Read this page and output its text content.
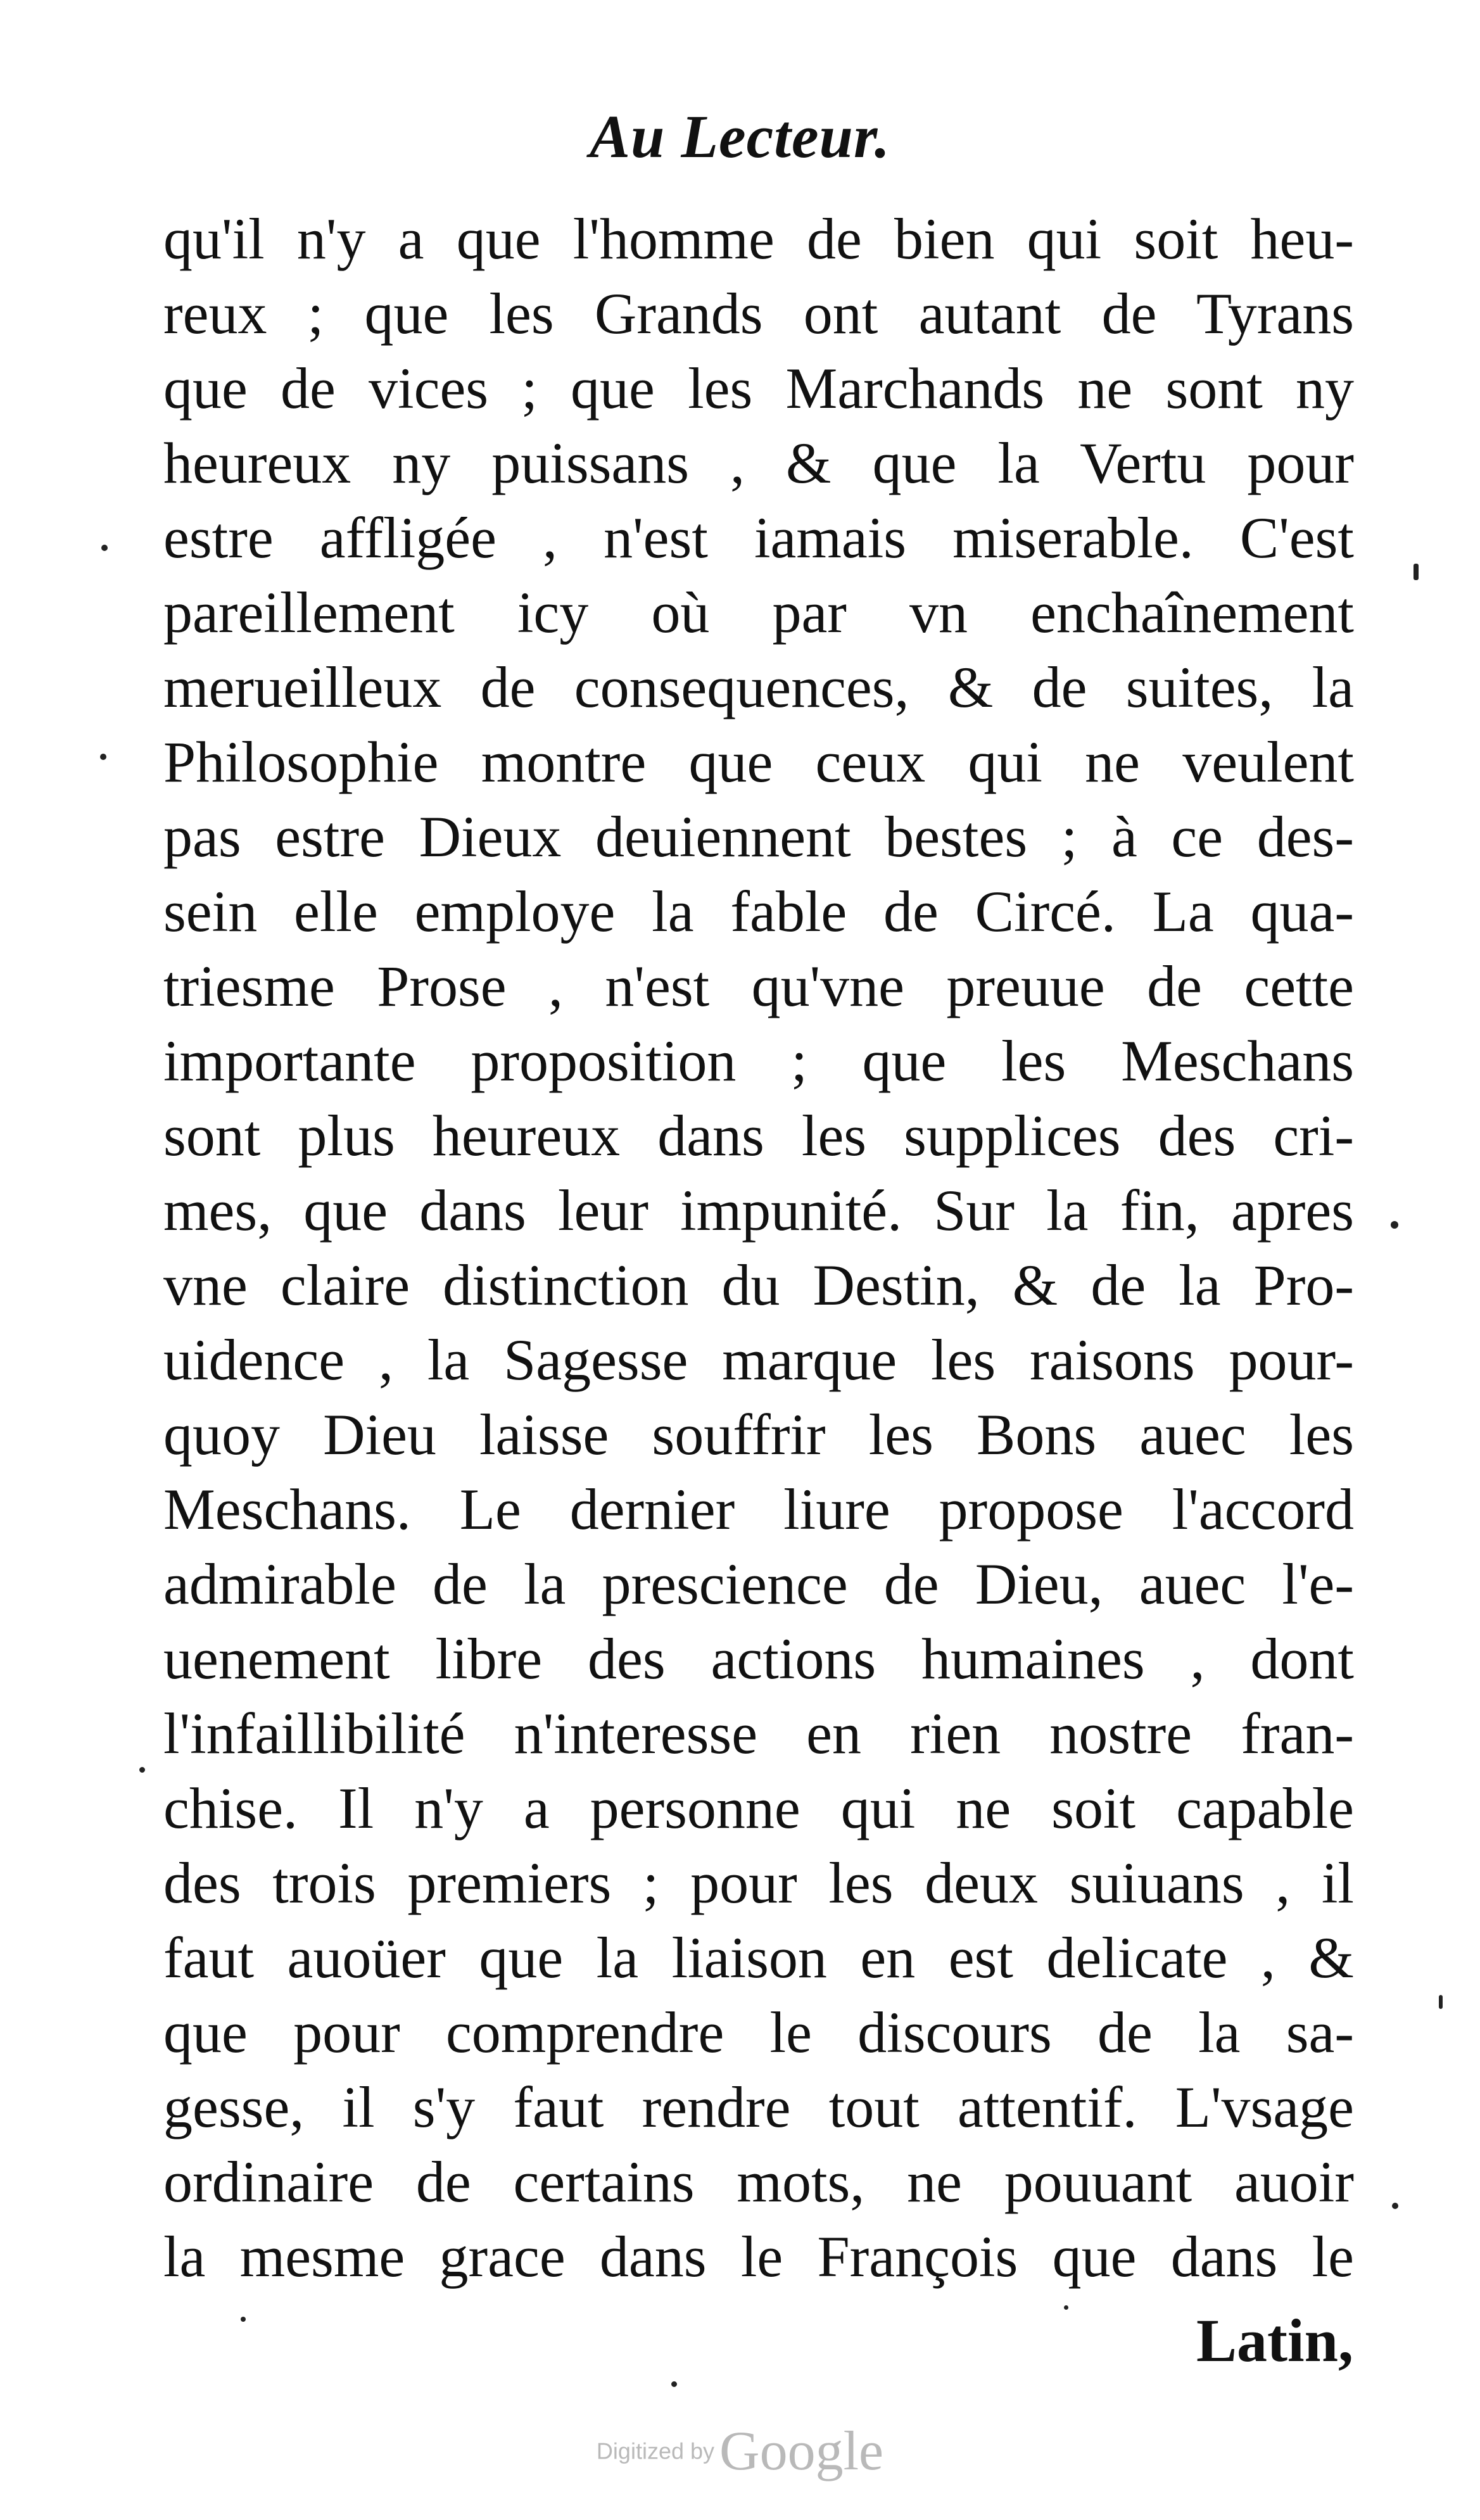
Au Lecteur.
qu'il n'y a que l'homme de bien qui soit heu-
reux ; que les Grands ont autant de Tyrans
que de vices ; que les Marchands ne sont ny
heureux ny puissans , & que la Vertu pour
estre affligée , n'est iamais miserable. C'est
pareillement icy où par vn enchaînement
merueilleux de consequences, & de suites, la
Philosophie montre que ceux qui ne veulent
pas estre Dieux deuiennent bestes ; à ce des-
sein elle employe la fable de Circé. La qua-
triesme Prose , n'est qu'vne preuue de cette
importante proposition ; que les Meschans
sont plus heureux dans les supplices des cri-
mes, que dans leur impunité. Sur la fin, apres
vne claire distinction du Destin, & de la Pro-
uidence , la Sagesse marque les raisons pour-
quoy Dieu laisse souffrir les Bons auec les
Meschans. Le dernier liure propose l'accord
admirable de la prescience de Dieu, auec l'e-
uenement libre des actions humaines , dont
l'infaillibilité n'interesse en rien nostre fran-
chise. Il n'y a personne qui ne soit capable
des trois premiers ; pour les deux suiuans , il
faut auoüer que la liaison en est delicate , &
que pour comprendre le discours de la sa-
gesse, il s'y faut rendre tout attentif. L'vsage
ordinaire de certains mots, ne pouuant auoir
la mesme grace dans le François que dans le
Latin,
Digitized byGoogle
